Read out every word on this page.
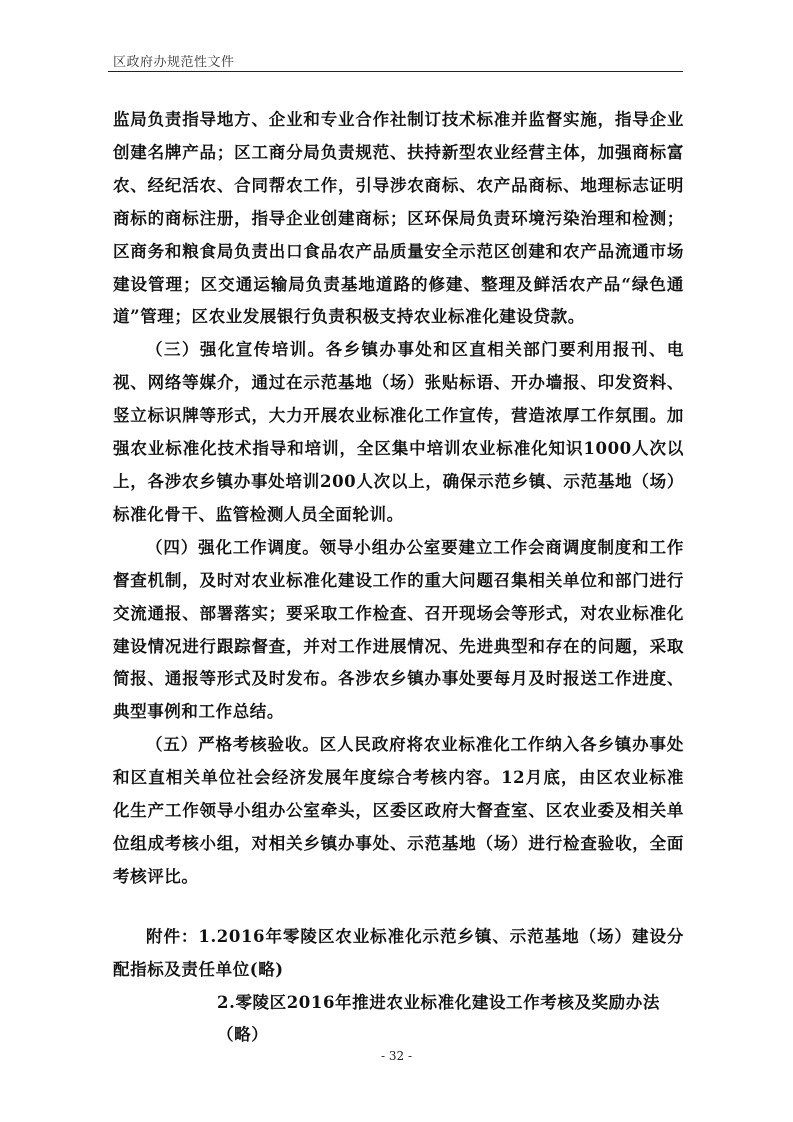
区政府办规范性文件

监局负责指导地方、企业和专业合作社制订技术标准并监督实施，指导企业创建名牌产品；区工商分局负责规范、扶持新型农业经营主体，加强商标富农、经纪活农、合同帮农工作，引导涉农商标、农产品商标、地理标志证明商标的商标注册，指导企业创建商标；区环保局负责环境污染治理和检测；区商务和粮食局负责出口食品农产品质量安全示范区创建和农产品流通市场建设管理；区交通运输局负责基地道路的修建、整理及鲜活农产品“绿色通道”管理；区农业发展银行负责积极支持农业标准化建设贷款。

（三）强化宣传培训。各乡镇办事处和区直相关部门要利用报刊、电视、网络等媒介，通过在示范基地（场）张贴标语、开办墙报、印发资料、竖立标识牌等形式，大力开展农业标准化工作宣传，营造浓厚工作氛围。加强农业标准化技术指导和培训，全区集中培训农业标准化知识1000人次以上，各涉农乡镇办事处培训200人次以上，确保示范乡镇、示范基地（场）标准化骨干、监管检测人员全面轮训。

（四）强化工作调度。领导小组办公室要建立工作会商调度制度和工作督查机制，及时对农业标准化建设工作的重大问题召集相关单位和部门进行交流通报、部署落实；要采取工作检查、召开现场会等形式，对农业标准化建设情况进行跟踪督查，并对工作进展情况、先进典型和存在的问题，采取简报、通报等形式及时发布。各涉农乡镇办事处要每月及时报送工作进度、典型事例和工作总结。

（五）严格考核验收。区人民政府将农业标准化工作纳入各乡镇办事处和区直相关单位社会经济发展年度综合考核内容。12月底，由区农业标准化生产工作领导小组办公室牵头，区委区政府大督查室、区农业委及相关单位组成考核小组，对相关乡镇办事处、示范基地（场）进行检查验收，全面考核评比。

附件：1.2016年零陵区农业标准化示范乡镇、示范基地（场）建设分配指标及责任单位(略)

2.零陵区2016年推进农业标准化建设工作考核及奖励办法（略）

- 32 -
